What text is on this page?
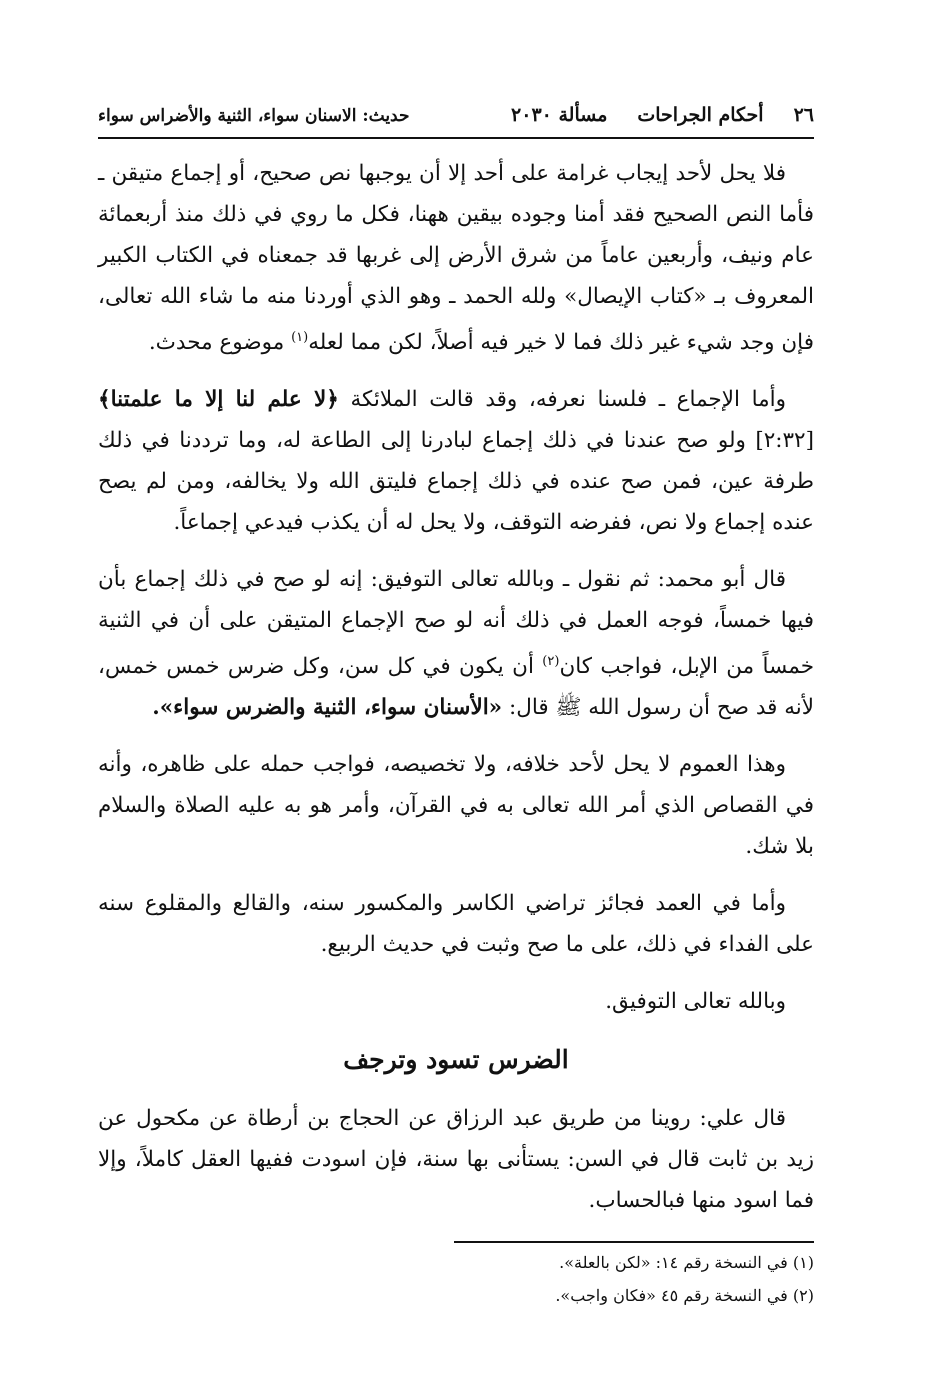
٢٦
أحكام الجراحات
مسألة ٢٠٣٠
حديث: الاسنان سواء، الثنية والأضراس سواء

فلا يحل لأحد إيجاب غرامة على أحد إلا أن يوجبها نص صحيح، أو إجماع متيقن ـ فأما النص الصحيح فقد أمنا وجوده بيقين ههنا، فكل ما روي في ذلك منذ أربعمائة عام ونيف، وأربعين عاماً من شرق الأرض إلى غربها قد جمعناه في الكتاب الكبير المعروف بـ «كتاب الإيصال» ولله الحمد ـ وهو الذي أوردنا منه ما شاء الله تعالى، فإن وجد شيء غير ذلك فما لا خير فيه أصلاً، لكن مما لعله$^{(١)}$ موضوع محدث.

وأما الإجماع ـ فلسنا نعرفه، وقد قالت الملائكة ﴿لا علم لنا إلا ما علمتنا﴾ [٢:٣٢] ولو صح عندنا في ذلك إجماع لبادرنا إلى الطاعة له، وما ترددنا في ذلك طرفة عين، فمن صح عنده في ذلك إجماع فليتق الله ولا يخالفه، ومن لم يصح عنده إجماع ولا نص، ففرضه التوقف، ولا يحل له أن يكذب فيدعي إجماعاً.

قال أبو محمد: ثم نقول ـ وبالله تعالى التوفيق: إنه لو صح في ذلك إجماع بأن فيها خمساً، فوجه العمل في ذلك أنه لو صح الإجماع المتيقن على أن في الثنية خمساً من الإبل، فواجب كان$^{(٢)}$ أن يكون في كل سن، وكل ضرس خمس خمس، لأنه قد صح أن رسول الله ﷺ قال: «الأسنان سواء، الثنية والضرس سواء».

وهذا العموم لا يحل لأحد خلافه، ولا تخصيصه، فواجب حمله على ظاهره، وأنه في القصاص الذي أمر الله تعالى به في القرآن، وأمر هو به عليه الصلاة والسلام بلا شك.

وأما في العمد فجائز تراضي الكاسر والمكسور سنه، والقالع والمقلوع سنه على الفداء في ذلك، على ما صح وثبت في حديث الربيع.

وبالله تعالى التوفيق.

الضرس تسود وترجف

قال علي: روينا من طريق عبد الرزاق عن الحجاج بن أرطاة عن مكحول عن زيد بن ثابت قال في السن: يستأنى بها سنة، فإن اسودت ففيها العقل كاملاً، وإلا فما اسود منها فبالحساب.

(١) في النسخة رقم ١٤: «لكن بالعلة».

(٢) في النسخة رقم ٤٥ «فكان واجب».
